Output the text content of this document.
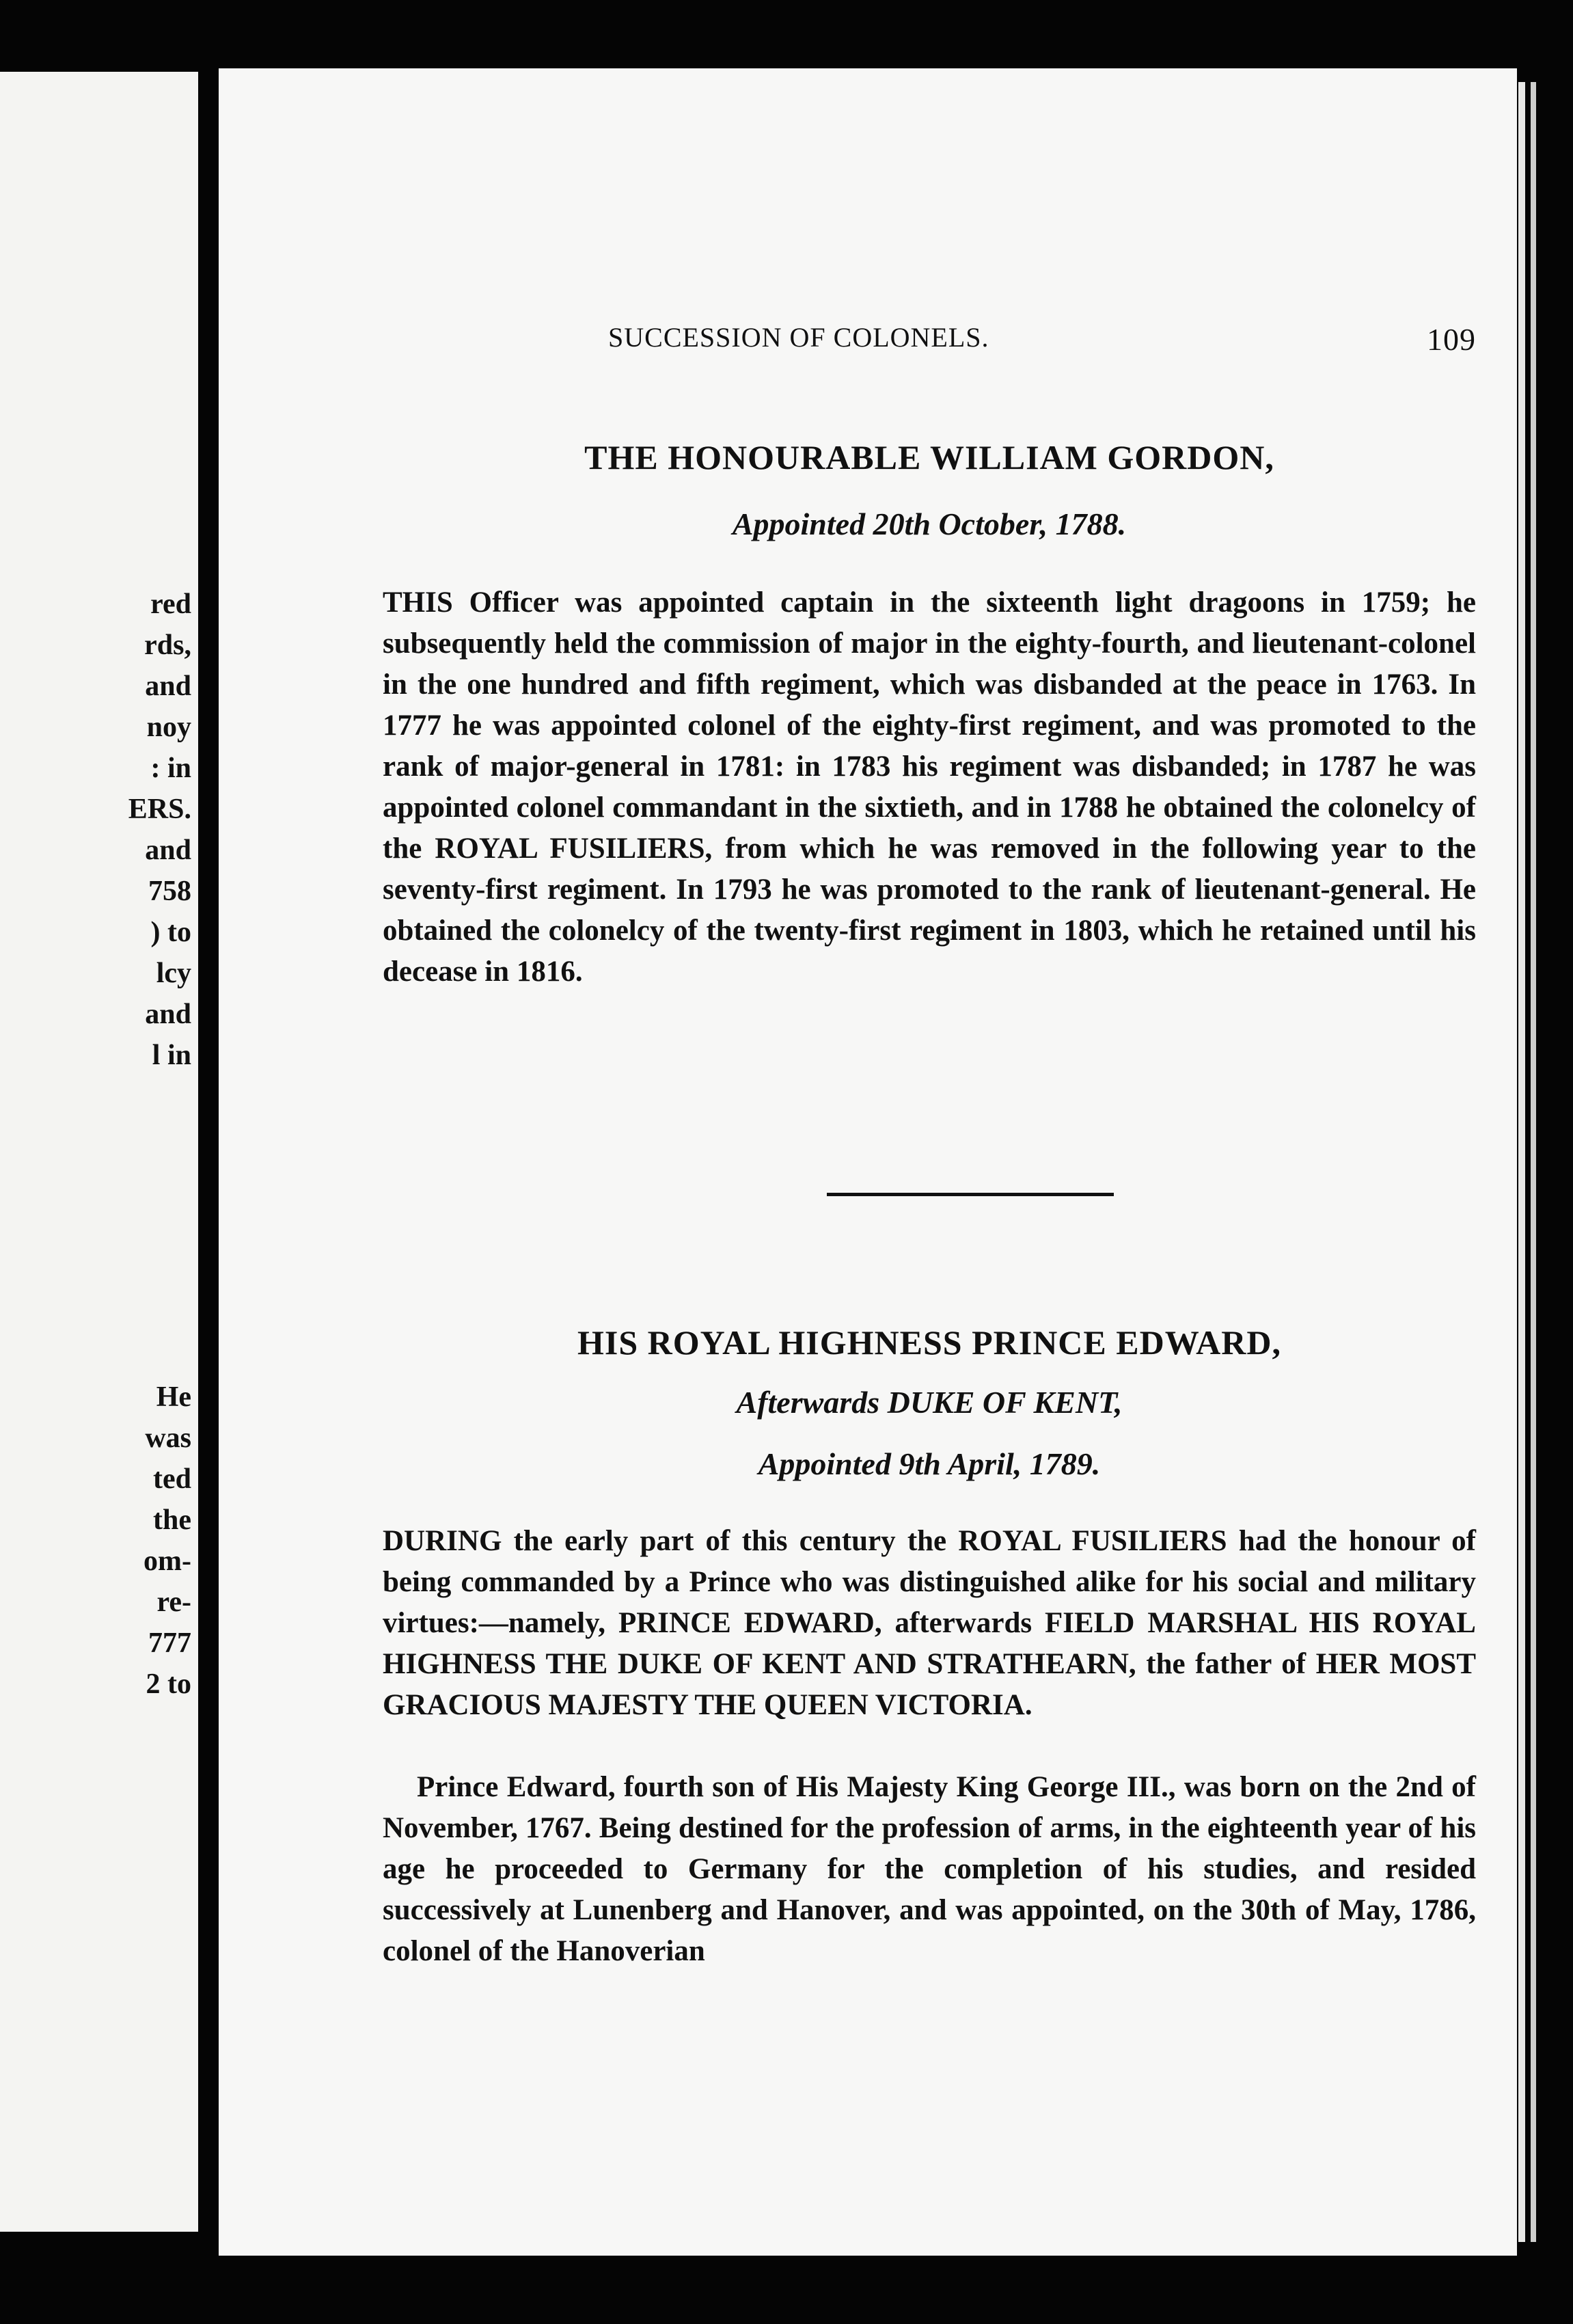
red
rds,
and
noy
: in
ERS.
and
758
) to
lcy
and
l in
He
was
ted
the
om-
re-
777
2 to
SUCCESSION OF COLONELS.	109
THE HONOURABLE WILLIAM GORDON,
Appointed 20th October, 1788.

THIS Officer was appointed captain in the sixteenth light dragoons in 1759; he subsequently held the commission of major in the eighty-fourth, and lieutenant-colonel in the one hundred and fifth regiment, which was disbanded at the peace in 1763. In 1777 he was appointed colonel of the eighty-first regiment, and was promoted to the rank of major-general in 1781: in 1783 his regiment was disbanded; in 1787 he was appointed colonel commandant in the sixtieth, and in 1788 he obtained the colonelcy of the ROYAL FUSILIERS, from which he was removed in the following year to the seventy-first regiment. In 1793 he was promoted to the rank of lieutenant-general. He obtained the colonelcy of the twenty-first regiment in 1803, which he retained until his decease in 1816.

HIS ROYAL HIGHNESS PRINCE EDWARD,
Afterwards DUKE OF KENT,
Appointed 9th April, 1789.

DURING the early part of this century the ROYAL FUSILIERS had the honour of being commanded by a Prince who was distinguished alike for his social and military virtues:—namely, PRINCE EDWARD, afterwards FIELD MARSHAL HIS ROYAL HIGHNESS THE DUKE OF KENT AND STRATHEARN, the father of HER MOST GRACIOUS MAJESTY THE QUEEN VICTORIA.

Prince Edward, fourth son of His Majesty King George III., was born on the 2nd of November, 1767. Being destined for the profession of arms, in the eighteenth year of his age he proceeded to Germany for the completion of his studies, and resided successively at Lunenberg and Hanover, and was appointed, on the 30th of May, 1786, colonel of the Hanoverian
